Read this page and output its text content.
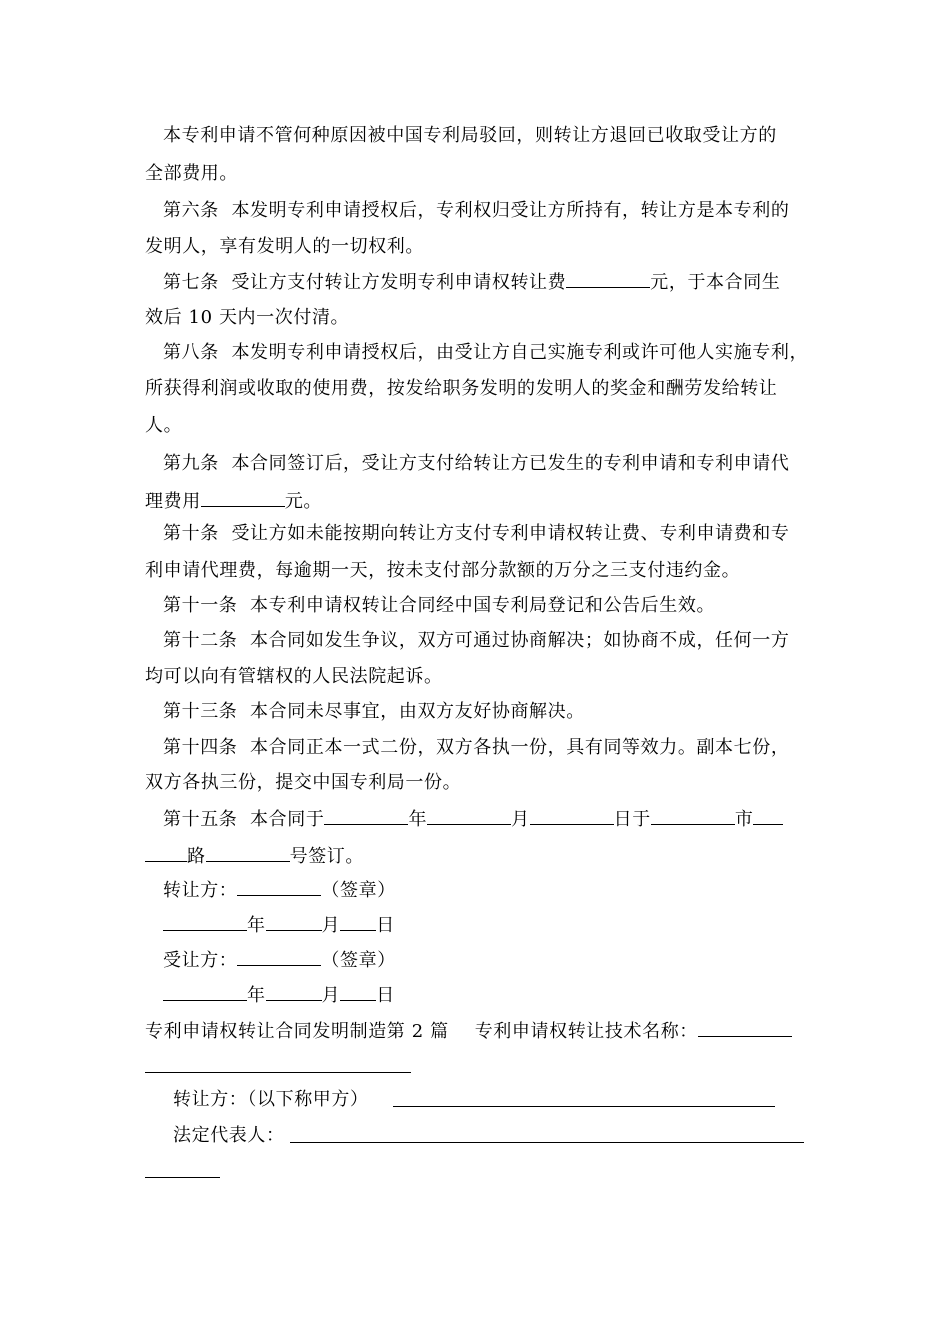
本专利申请不管何种原因被中国专利局驳回，则转让方退回已收取受让方的
全部费用。
第六条  本发明专利申请授权后，专利权归受让方所持有，转让方是本专利的
发明人，享有发明人的一切权利。
第七条  受让方支付转让方发明专利申请权转让费	元，于本合同生
效后 10 天内一次付清。
第八条  本发明专利申请授权后，由受让方自己实施专利或许可他人实施专利，
所获得利润或收取的使用费，按发给职务发明的发明人的奖金和酬劳发给转让
人。
第九条  本合同签订后，受让方支付给转让方已发生的专利申请和专利申请代
理费用	元。
第十条  受让方如未能按期向转让方支付专利申请权转让费、专利申请费和专
利申请代理费，每逾期一天，按未支付部分款额的万分之三支付违约金。
第十一条  本专利申请权转让合同经中国专利局登记和公告后生效。
第十二条  本合同如发生争议，双方可通过协商解决；如协商不成，任何一方
均可以向有管辖权的人民法院起诉。
第十三条  本合同未尽事宜，由双方友好协商解决。
第十四条  本合同正本一式二份，双方各执一份，具有同等效力。副本七份，
双方各执三份，提交中国专利局一份。
第十五条  本合同于	年	月	日于	市
路	号签订。
转让方：	（签章）
年	月 日
受让方：	（签章）
年	月 日
专利申请权转让合同发明制造第 2 篇 专利申请权转让技术名称：
转让方：（以下称甲方）
法定代表人：
